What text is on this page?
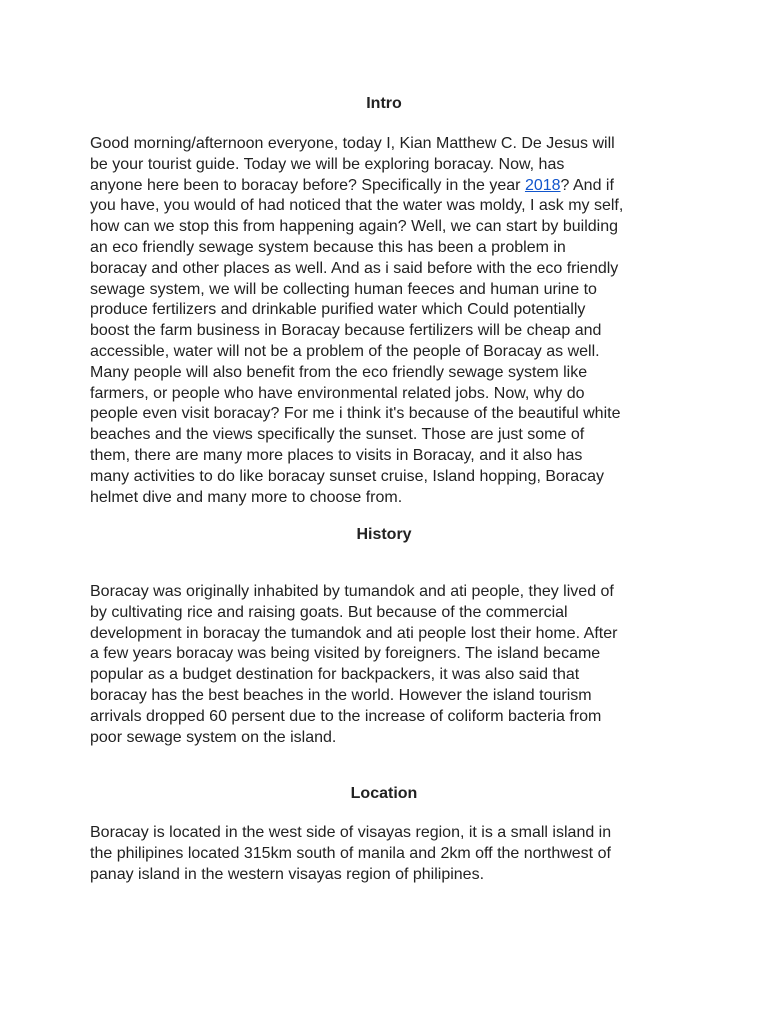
Intro
Good morning/afternoon everyone, today I, Kian Matthew C. De Jesus will
be your tourist guide. Today we will be exploring boracay. Now, has
anyone here been to boracay before? Specifically in the year 2018? And if
you have, you would of had noticed that the water was moldy, I ask my self,
how can we stop this from happening again? Well, we can start by building
an eco friendly sewage system because this has been a problem in
boracay and other places as well. And as i said before with the eco friendly
sewage system, we will be collecting human feeces and human urine to
produce fertilizers and drinkable purified water which Could potentially
boost the farm business in Boracay because fertilizers will be cheap and
accessible, water will not be a problem of the people of Boracay as well.
Many people will also benefit from the eco friendly sewage system like
farmers, or people who have environmental related jobs. Now, why do
people even visit boracay? For me i think it's because of the beautiful white
beaches and the views specifically the sunset. Those are just some of
them, there are many more places to visits in Boracay, and it also has
many activities to do like boracay sunset cruise, Island hopping, Boracay
helmet dive and many more to choose from.
History
Boracay was originally inhabited by tumandok and ati people, they lived of
by cultivating rice and raising goats. But because of the commercial
development in boracay the tumandok and ati people lost their home. After
a few years boracay was being visited by foreigners. The island became
popular as a budget destination for backpackers, it was also said that
boracay has the best beaches in the world. However the island tourism
arrivals dropped 60 persent due to the increase of coliform bacteria from
poor sewage system on the island.
Location
Boracay is located in the west side of visayas region, it is a small island in
the philipines located 315km south of manila and 2km off the northwest of
panay island in the western visayas region of philipines.
